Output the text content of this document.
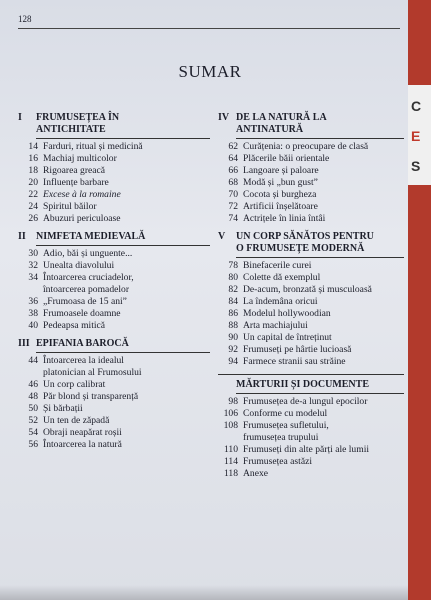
128
SUMAR
I	FRUMUSEȚEA ÎN
ANTICHITATE
14 Farduri, ritual și medicină
16 Machiaj multicolor
18 Rigoarea greacă
20 Influențe barbare
22 Excese à la romaine
24 Spiritul băilor
26 Abuzuri periculoase
II	NIMFETA MEDIEVALĂ
30 Adio, băi și unguente...
32 Unealta diavolului
34 Întoarcerea cruciadelor,
întoarcerea pomadelor
36 „Frumoasa de 15 ani”
38 Frumoasele doamne
40 Pedeapsa mitică
III EPIFANIA BAROCĂ
44 Întoarcerea la idealul
platonician al Frumosului
46 Un corp calibrat
48 Păr blond și transparență
50 Și bărbații
52 Un ten de zăpadă
54 Obraji neapărat roșii
56 Întoarcerea la natură
IV DE LA NATURĂ LA
ANTINATURĂ
62 Curățenia: o preocupare de clasă
64 Plăcerile băii orientale
66 Langoare și paloare
68 Modă și „bun gust”
70 Cocota și burgheza
72 Artificii înșelătoare
74 Actrițele în linia întâi
V	UN CORP SĂNĂTOS PENTRU
O FRUMUSEȚE MODERNĂ
78 Binefacerile curei
80 Colette dă exemplul
82 De-acum, bronzată și musculoasă
84 La îndemâna oricui
86 Modelul hollywoodian
88 Arta machiajului
90 Un capital de întreținut
92 Frumuseți pe hârtie lucioasă
94 Farmece stranii sau străine
MĂRTURII ȘI DOCUMENTE
98 Frumusețea de-a lungul epocilor
106 Conforme cu modelul
108 Frumusețea sufletului,
frumusețea trupului
110 Frumuseți din alte părți ale lumii
114 Frumusețea astăzi
118 Anexe
C
E
S
